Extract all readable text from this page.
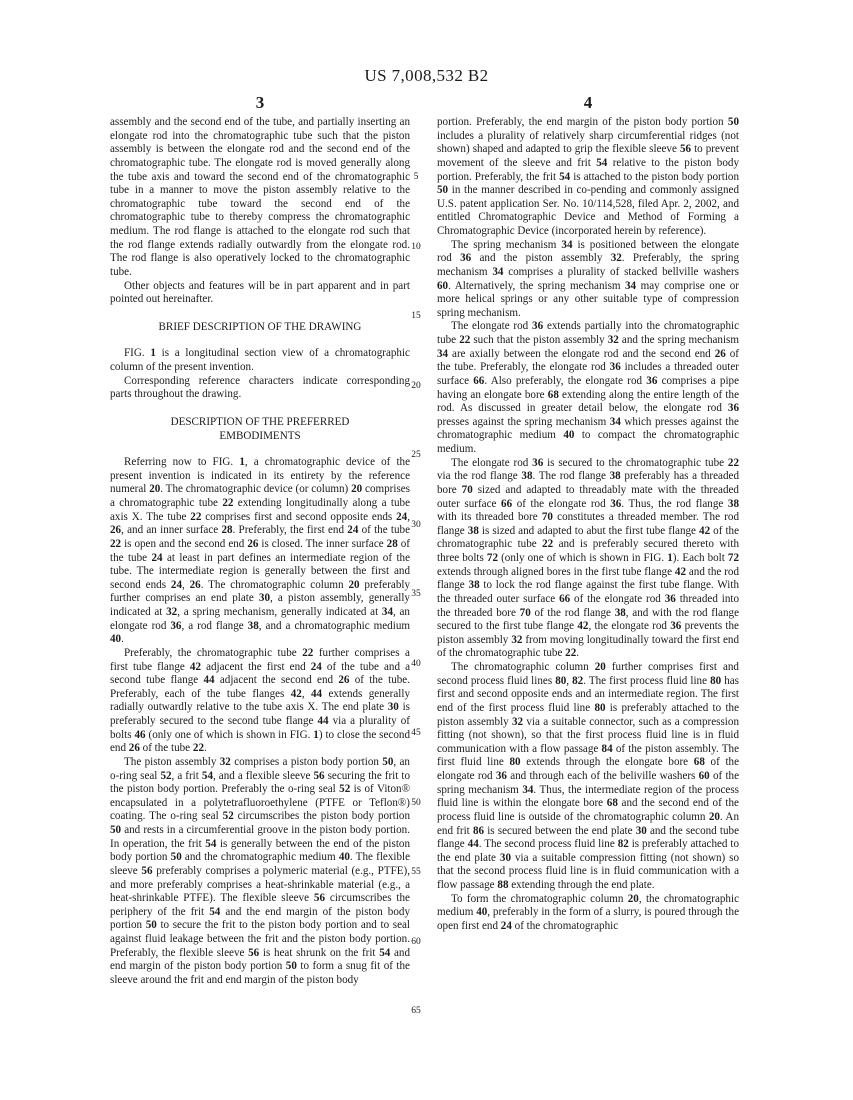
US 7,008,532 B2
3	4

assembly and the second end of the tube, and partially inserting an elongate rod into the chromatographic tube such that the piston assembly is between the elongate rod and the second end of the chromatographic tube. The elongate rod is moved generally along the tube axis and toward the second end of the chromatographic tube in a manner to move the piston assembly relative to the chromatographic tube toward the second end of the chromatographic tube to thereby compress the chromatographic medium. The rod flange is attached to the elongate rod such that the rod flange extends radially outwardly from the elongate rod. The rod flange is also operatively locked to the chromatographic tube.

Other objects and features will be in part apparent and in part pointed out hereinafter.

BRIEF DESCRIPTION OF THE DRAWING

FIG. 1 is a longitudinal section view of a chromatographic column of the present invention.

Corresponding reference characters indicate corresponding parts throughout the drawing.

DESCRIPTION OF THE PREFERRED
EMBODIMENTS

Referring now to FIG. 1, a chromatographic device of the present invention is indicated in its entirety by the reference numeral 20. The chromatographic device (or column) 20 comprises a chromatographic tube 22 extending longitudinally along a tube axis X. The tube 22 comprises first and second opposite ends 24, 26, and an inner surface 28. Preferably, the first end 24 of the tube 22 is open and the second end 26 is closed. The inner surface 28 of the tube 24 at least in part defines an intermediate region of the tube. The intermediate region is generally between the first and second ends 24, 26. The chromatographic column 20 preferably further comprises an end plate 30, a piston assembly, generally indicated at 32, a spring mechanism, generally indicated at 34, an elongate rod 36, a rod flange 38, and a chromatographic medium 40.

Preferably, the chromatographic tube 22 further comprises a first tube flange 42 adjacent the first end 24 of the tube and a second tube flange 44 adjacent the second end 26 of the tube. Preferably, each of the tube flanges 42, 44 extends generally radially outwardly relative to the tube axis X. The end plate 30 is preferably secured to the second tube flange 44 via a plurality of bolts 46 (only one of which is shown in FIG. 1) to close the second end 26 of the tube 22.

The piston assembly 32 comprises a piston body portion 50, an o-ring seal 52, a frit 54, and a flexible sleeve 56 securing the frit to the piston body portion. Preferably the o-ring seal 52 is of Viton® encapsulated in a polytetrafluoroethylene (PTFE or Teflon®) coating. The o-ring seal 52 circumscribes the piston body portion 50 and rests in a circumferential groove in the piston body portion. In operation, the frit 54 is generally between the end of the piston body portion 50 and the chromatographic medium 40. The flexible sleeve 56 preferably comprises a polymeric material (e.g., PTFE), and more preferably comprises a heat-shrinkable material (e.g., a heat-shrinkable PTFE). The flexible sleeve 56 circumscribes the periphery of the frit 54 and the end margin of the piston body portion 50 to secure the frit to the piston body portion and to seal against fluid leakage between the frit and the piston body portion. Preferably, the flexible sleeve 56 is heat shrunk on the frit 54 and end margin of the piston body portion 50 to form a snug fit of the sleeve around the frit and end margin of the piston body

portion. Preferably, the end margin of the piston body portion 50 includes a plurality of relatively sharp circumferential ridges (not shown) shaped and adapted to grip the flexible sleeve 56 to prevent movement of the sleeve and frit 54 relative to the piston body portion. Preferably, the frit 54 is attached to the piston body portion 50 in the manner described in co-pending and commonly assigned U.S. patent application Ser. No. 10/114,528, filed Apr. 2, 2002, and entitled Chromatographic Device and Method of Forming a Chromatographic Device (incorporated herein by reference).

The spring mechanism 34 is positioned between the elongate rod 36 and the piston assembly 32. Preferably, the spring mechanism 34 comprises a plurality of stacked bellville washers 60. Alternatively, the spring mechanism 34 may comprise one or more helical springs or any other suitable type of compression spring mechanism.

The elongate rod 36 extends partially into the chromatographic tube 22 such that the piston assembly 32 and the spring mechanism 34 are axially between the elongate rod and the second end 26 of the tube. Preferably, the elongate rod 36 includes a threaded outer surface 66. Also preferably, the elongate rod 36 comprises a pipe having an elongate bore 68 extending along the entire length of the rod. As discussed in greater detail below, the elongate rod 36 presses against the spring mechanism 34 which presses against the chromatographic medium 40 to compact the chromatographic medium.

The elongate rod 36 is secured to the chromatographic tube 22 via the rod flange 38. The rod flange 38 preferably has a threaded bore 70 sized and adapted to threadably mate with the threaded outer surface 66 of the elongate rod 36. Thus, the rod flange 38 with its threaded bore 70 constitutes a threaded member. The rod flange 38 is sized and adapted to abut the first tube flange 42 of the chromatographic tube 22 and is preferably secured thereto with three bolts 72 (only one of which is shown in FIG. 1). Each bolt 72 extends through aligned bores in the first tube flange 42 and the rod flange 38 to lock the rod flange against the first tube flange. With the threaded outer surface 66 of the elongate rod 36 threaded into the threaded bore 70 of the rod flange 38, and with the rod flange secured to the first tube flange 42, the elongate rod 36 prevents the piston assembly 32 from moving longitudinally toward the first end of the chromatographic tube 22.

The chromatographic column 20 further comprises first and second process fluid lines 80, 82. The first process fluid line 80 has first and second opposite ends and an intermediate region. The first end of the first process fluid line 80 is preferably attached to the piston assembly 32 via a suitable connector, such as a compression fitting (not shown), so that the first process fluid line is in fluid communication with a flow passage 84 of the piston assembly. The first fluid line 80 extends through the elongate bore 68 of the elongate rod 36 and through each of the beliville washers 60 of the spring mechanism 34. Thus, the intermediate region of the process fluid line is within the elongate bore 68 and the second end of the process fluid line is outside of the chromatographic column 20. An end frit 86 is secured between the end plate 30 and the second tube flange 44. The second process fluid line 82 is preferably attached to the end plate 30 via a suitable compression fitting (not shown) so that the second process fluid line is in fluid communication with a flow passage 88 extending through the end plate.

To form the chromatographic column 20, the chromatographic medium 40, preferably in the form of a slurry, is poured through the open first end 24 of the chromatographic

5
10
15
20
25
30
35
40
45
50
55
60
65
